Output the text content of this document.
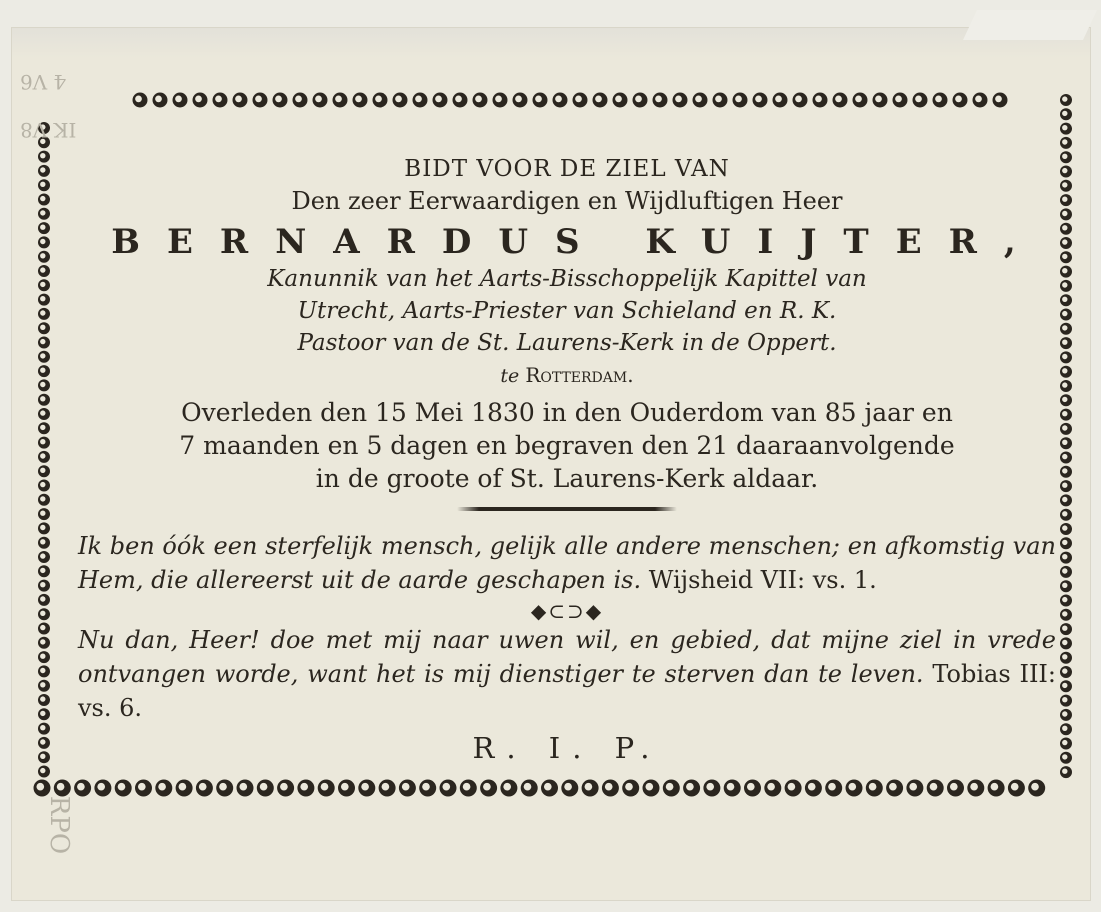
BIDT VOOR DE ZIEL VAN
Den zeer Eerwaardigen en Wijdluftigen Heer
BERNARDUS KUIJTER,
Kanunnik van het Aarts-Bisschoppelijk Kapittel van
Utrecht, Aarts-Priester van Schieland en R. K.
Pastoor van de St. Laurens-Kerk in de Oppert.
te Rotterdam.
Overleden den 15 Mei 1830 in den Ouderdom van 85 jaar en
7 maanden en 5 dagen en begraven den 21 daaraanvolgende
in de groote of St. Laurens-Kerk aldaar.
Ik ben óók een sterfelijk mensch, gelijk alle andere menschen; en afkomstig van Hem, die allereerst uit de aarde geschapen is. Wijsheid VII: vs. 1.
◆⊂⊃◆
Nu dan, Heer! doe met mij naar uwen wil, en gebied, dat mijne ziel in vrede ontvangen worde, want het is mij dienstiger te sterven dan te leven. Tobias III: vs. 6.
R. I. P.
4 V6
IK V8
RPO
